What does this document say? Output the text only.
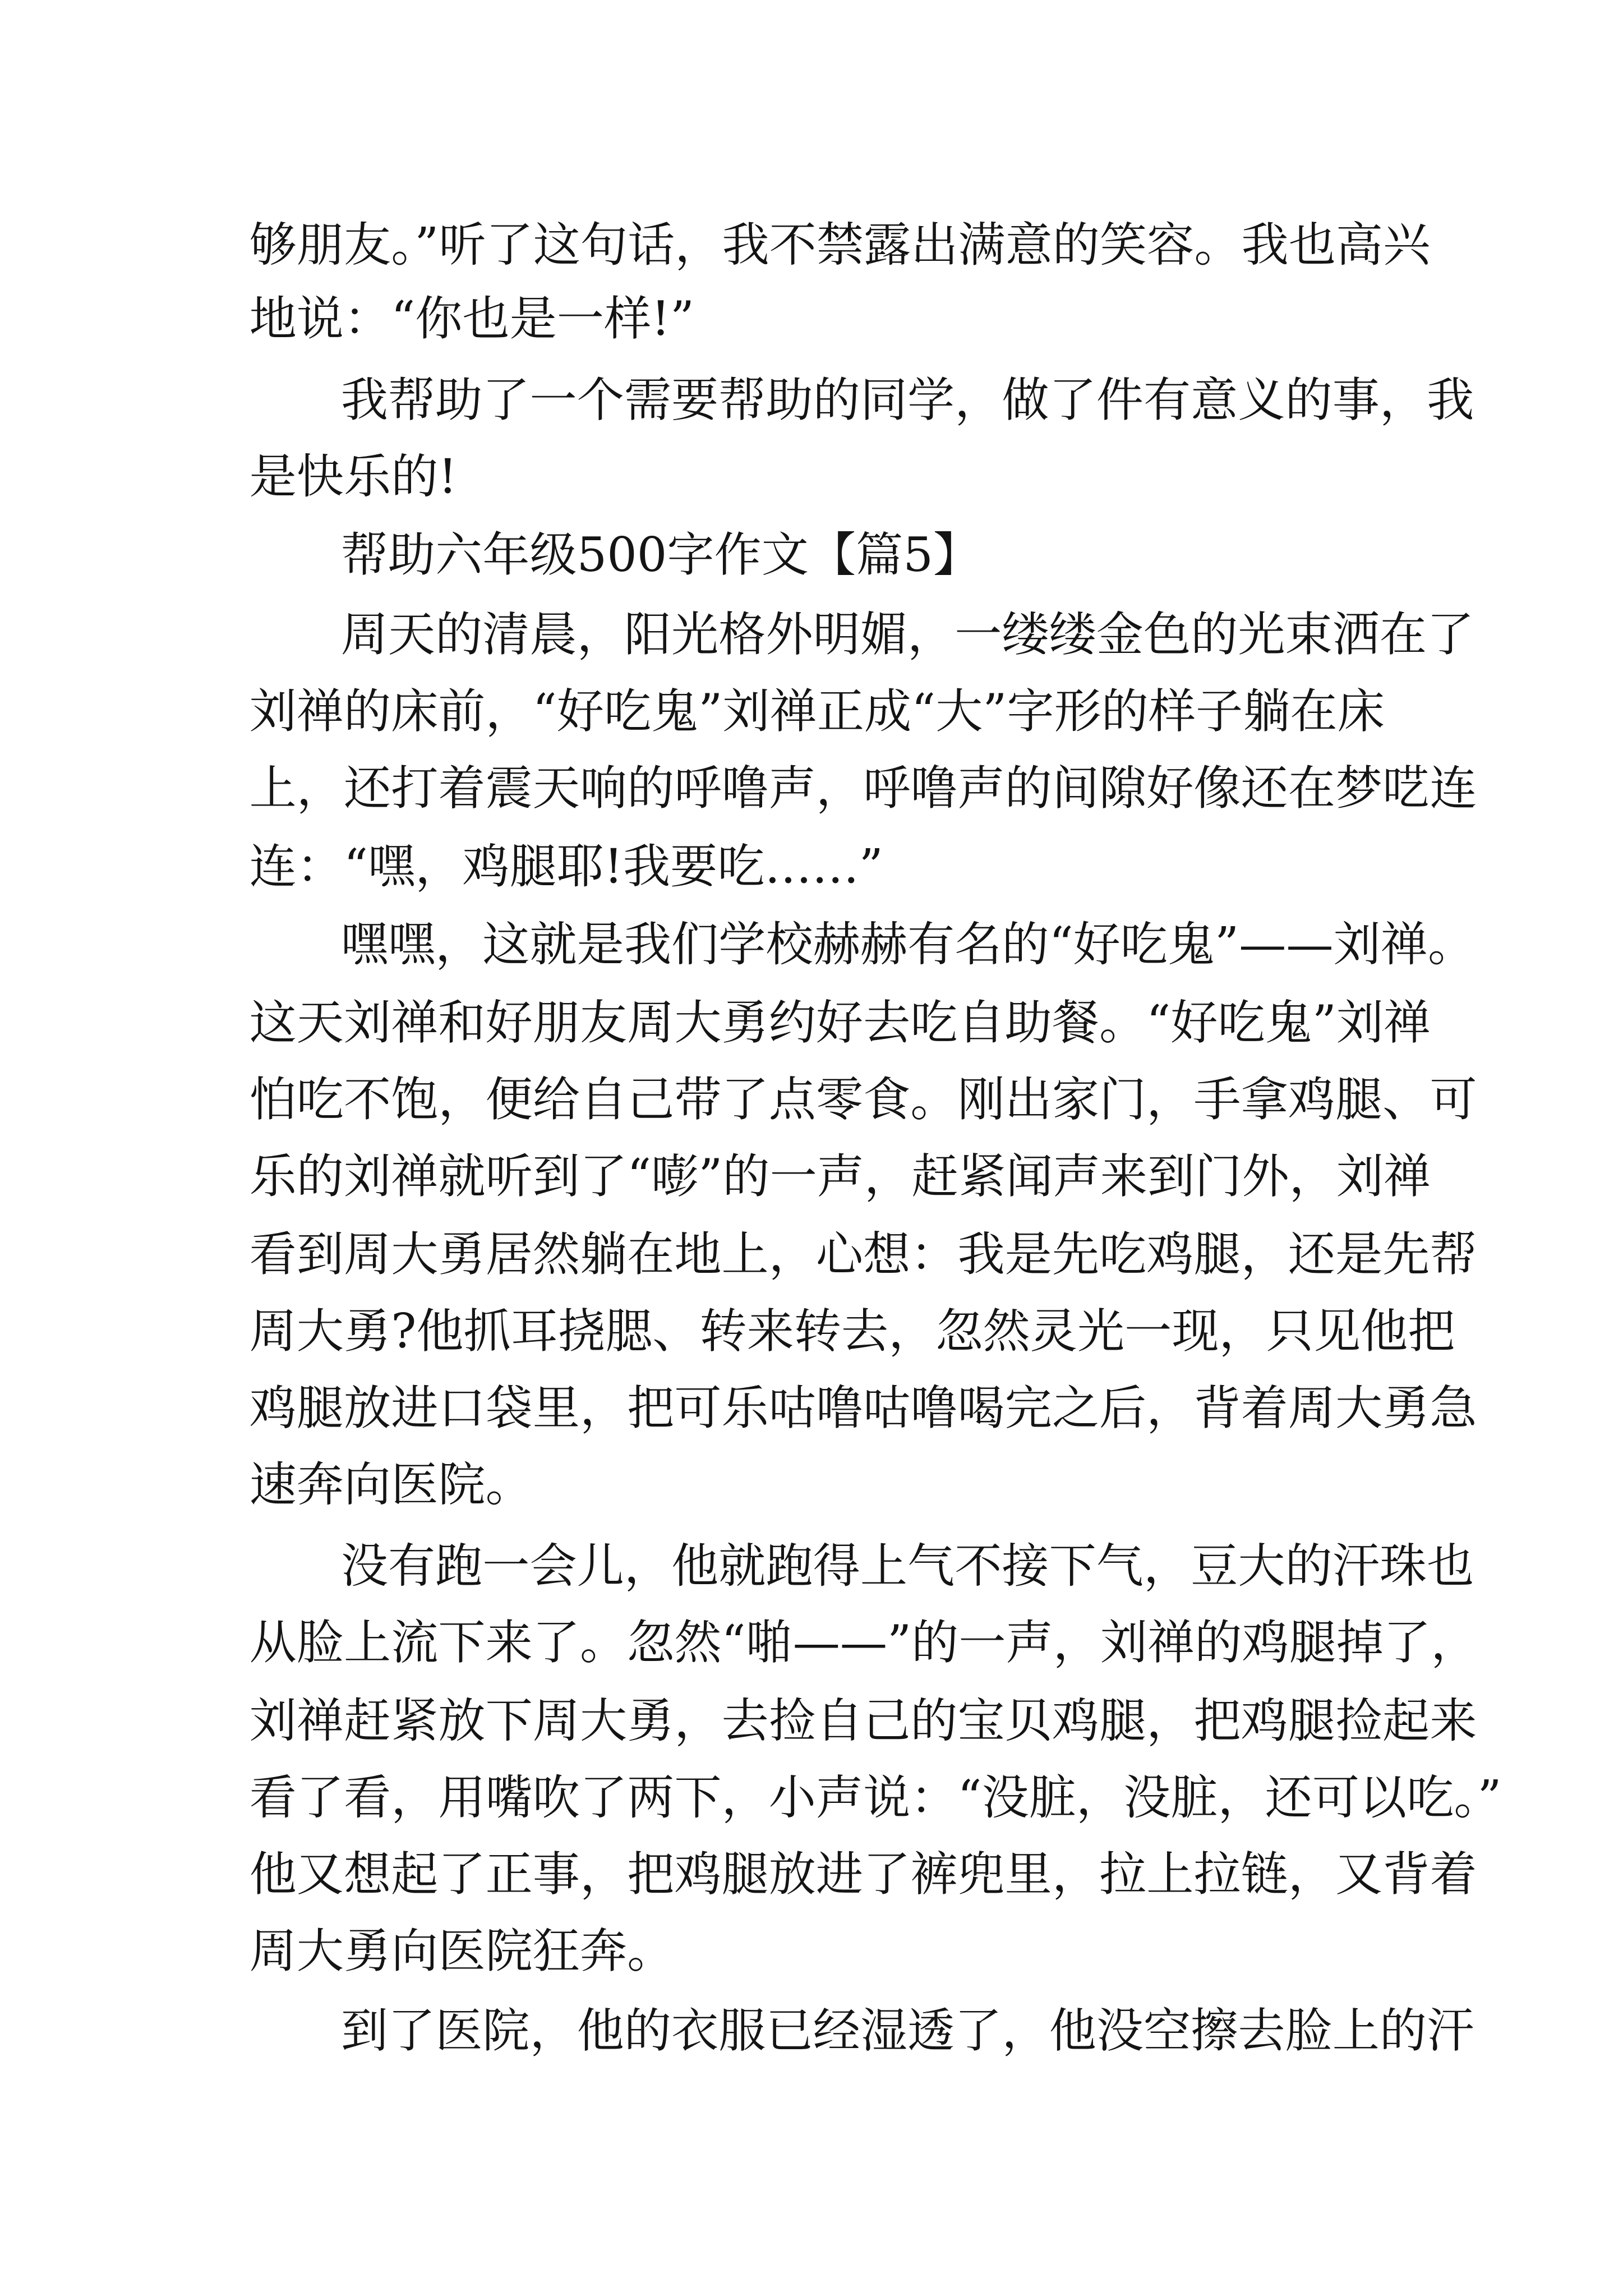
够朋友。”听了这句话，我不禁露出满意的笑容。我也高兴

地说：“你也是一样!”

我帮助了一个需要帮助的同学，做了件有意义的事，我

是快乐的!

帮助六年级500字作文【篇5】

周天的清晨，阳光格外明媚，一缕缕金色的光束洒在了

刘禅的床前，“好吃鬼”刘禅正成“大”字形的样子躺在床

上，还打着震天响的呼噜声，呼噜声的间隙好像还在梦呓连

连：“嘿，鸡腿耶!我要吃……”

嘿嘿，这就是我们学校赫赫有名的“好吃鬼”——刘禅。

这天刘禅和好朋友周大勇约好去吃自助餐。“好吃鬼”刘禅

怕吃不饱，便给自己带了点零食。刚出家门，手拿鸡腿、可

乐的刘禅就听到了“嘭”的一声，赶紧闻声来到门外，刘禅

看到周大勇居然躺在地上，心想：我是先吃鸡腿，还是先帮

周大勇?他抓耳挠腮、转来转去，忽然灵光一现，只见他把

鸡腿放进口袋里，把可乐咕噜咕噜喝完之后，背着周大勇急

速奔向医院。

没有跑一会儿，他就跑得上气不接下气，豆大的汗珠也

从脸上流下来了。忽然“啪——”的一声，刘禅的鸡腿掉了，

刘禅赶紧放下周大勇，去捡自己的宝贝鸡腿，把鸡腿捡起来

看了看，用嘴吹了两下，小声说：“没脏，没脏，还可以吃。”

他又想起了正事，把鸡腿放进了裤兜里，拉上拉链，又背着

周大勇向医院狂奔。

到了医院，他的衣服已经湿透了，他没空擦去脸上的汗
